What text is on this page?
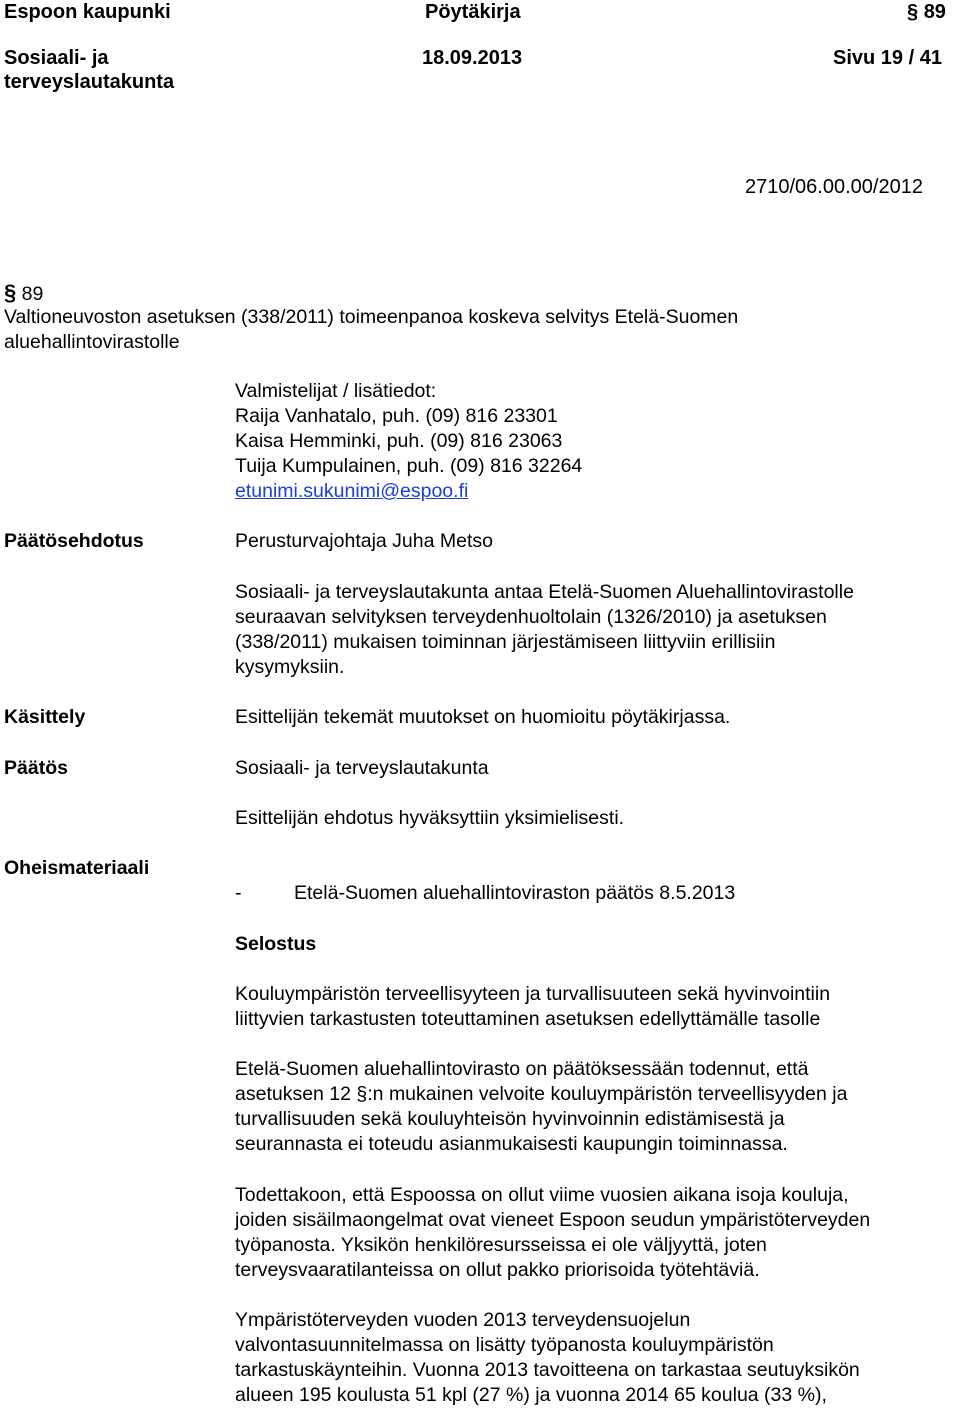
Espoon kaupunki	Pöytäkirja	§ 89
Sosiaali- ja
terveyslautakunta
18.09.2013	Sivu 19 / 41
2710/06.00.00/2012
§ 89
Valtioneuvoston asetuksen (338/2011) toimeenpanoa koskeva selvitys Etelä-Suomen
aluehallintovirastolle
Valmistelijat / lisätiedot:
Raija Vanhatalo, puh. (09) 816 23301
Kaisa Hemminki, puh. (09) 816 23063
Tuija Kumpulainen, puh. (09) 816 32264
etunimi.sukunimi@espoo.fi
Päätösehdotus	Perusturvajohtaja Juha Metso
Sosiaali- ja terveyslautakunta antaa Etelä-Suomen Aluehallintovirastolle
seuraavan selvityksen terveydenhuoltolain (1326/2010) ja asetuksen
(338/2011) mukaisen toiminnan järjestämiseen liittyviin erillisiin
kysymyksiin.
Käsittely	Esittelijän tekemät muutokset on huomioitu pöytäkirjassa.
Päätös	Sosiaali- ja terveyslautakunta
Esittelijän ehdotus hyväksyttiin yksimielisesti.
Oheismateriaali
-	Etelä-Suomen aluehallintoviraston päätös 8.5.2013
Selostus
Kouluympäristön terveellisyyteen ja turvallisuuteen sekä hyvinvointiin
liittyvien tarkastusten toteuttaminen asetuksen edellyttämälle tasolle
Etelä-Suomen aluehallintovirasto on päätöksessään todennut, että
asetuksen 12 §:n mukainen velvoite kouluympäristön terveellisyyden ja
turvallisuuden sekä kouluyhteisön hyvinvoinnin edistämisestä ja
seurannasta ei toteudu asianmukaisesti kaupungin toiminnassa.
Todettakoon, että Espoossa on ollut viime vuosien aikana isoja kouluja,
joiden sisäilmaongelmat ovat vieneet Espoon seudun ympäristöterveyden
työpanosta. Yksikön henkilöresursseissa ei ole väljyyttä, joten
terveysvaaratilanteissa on ollut pakko priorisoida työtehtäviä.
Ympäristöterveyden vuoden 2013 terveydensuojelun
valvontasuunnitelmassa on lisätty työpanosta kouluympäristön
tarkastuskäynteihin. Vuonna 2013 tavoitteena on tarkastaa seutuyksikön
alueen 195 koulusta 51 kpl (27 %) ja vuonna 2014 65 koulua (33 %),
